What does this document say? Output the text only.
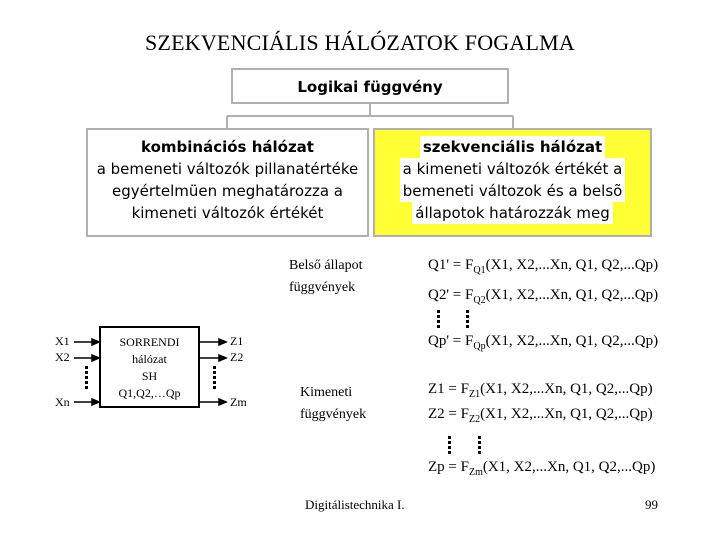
SZEKVENCIÁLIS HÁLÓZATOK FOGALMA
Logikai függvény
kombinációs hálózat
a bemeneti változók pillanatértéke
egyértelmüen meghatározza a
kimeneti változók értékét
szekvenciális hálózat
a kimeneti változók értékét a
bemeneti változok és a belsõ
állapotok határozzák meg
Belső állapot
függvények
Kimeneti
függvények
X1
X2
Xn
SORRENDI
hálózat
SH
Q1,Q2,…Qp
Z1
Z2
Zm
$Q1' = F_{Q1}(X1$, X2,...Xn, Q1, Q2,...Qp)
$Q2' = F_{Q2}(X1$, X2,...Xn, Q1, Q2,...Qp)
$Qp' = F_{Qp}(X1$, X2,...Xn, Q1, Q2,...Qp)
$Z1 = F_{Z1}(X1$, X2,...Xn, Q1, Q2,...Qp)
$Z2 = F_{Z2}(X1$, X2,...Xn, Q1, Q2,...Qp)
$Zp = F_{Zm}(X1$, X2,...Xn, Q1, Q2,...Qp)
Digitálistechnika I.	99
